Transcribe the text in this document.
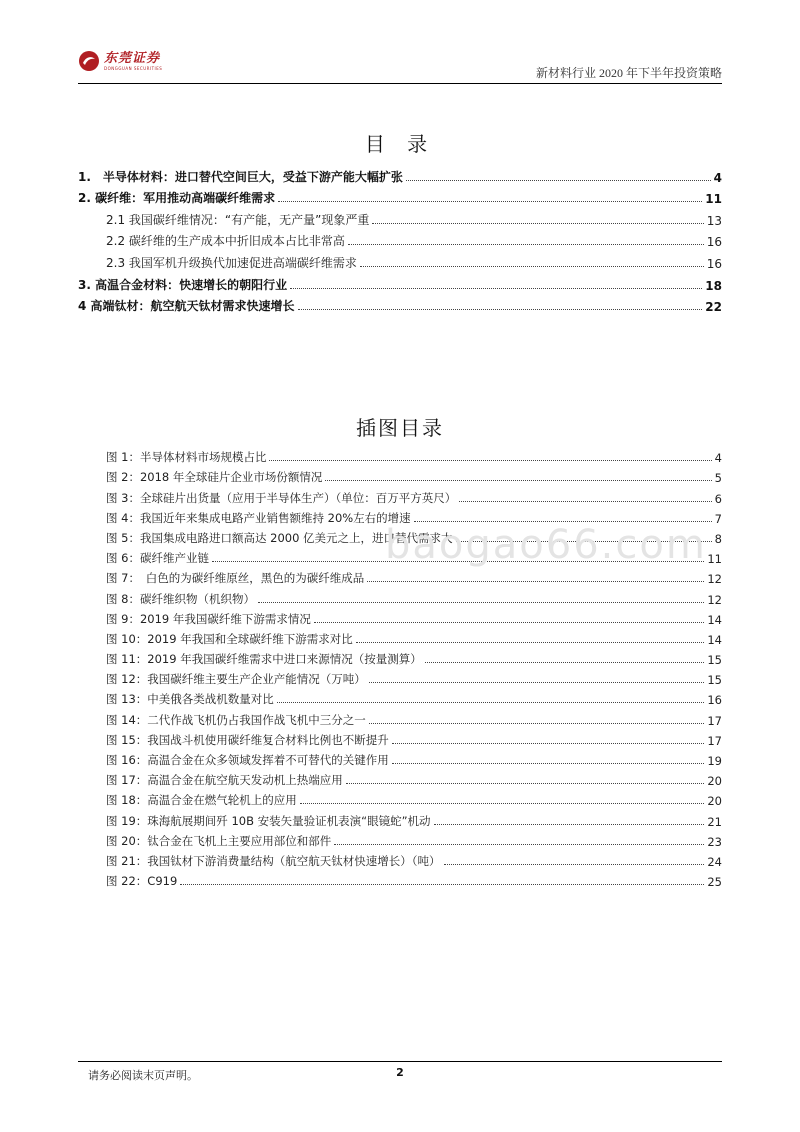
东莞证券
DONGGUAN SECURITIES	新材料行业 2020 年下半年投资策略
目 录
1.　半导体材料：进口替代空间巨大，受益下游产能大幅扩张	4
2. 碳纤维：军用推动高端碳纤维需求	11
2.1 我国碳纤维情况：“有产能，无产量”现象严重	13
2.2 碳纤维的生产成本中折旧成本占比非常高	16
2.3 我国军机升级换代加速促进高端碳纤维需求	16
3. 高温合金材料：快速增长的朝阳行业	18
4 高端钛材：航空航天钛材需求快速增长	22
插图目录
图 1：半导体材料市场规模占比	4
图 2：2018 年全球硅片企业市场份额情况	5
图 3：全球硅片出货量（应用于半导体生产）（单位：百万平方英尺）	6
图 4：我国近年来集成电路产业销售额维持 20%左右的增速	7
图 5：我国集成电路进口额高达 2000 亿美元之上，进口替代需求大	8
图 6：碳纤维产业链	11
图 7：　白色的为碳纤维原丝，黑色的为碳纤维成品	12
图 8：碳纤维织物（机织物）	12
图 9：2019 年我国碳纤维下游需求情况	14
图 10：2019 年我国和全球碳纤维下游需求对比	14
图 11：2019 年我国碳纤维需求中进口来源情况（按量测算）	15
图 12：我国碳纤维主要生产企业产能情况（万吨）	15
图 13：中美俄各类战机数量对比	16
图 14：二代作战飞机仍占我国作战飞机中三分之一	17
图 15：我国战斗机使用碳纤维复合材料比例也不断提升	17
图 16：高温合金在众多领域发挥着不可替代的关键作用	19
图 17：高温合金在航空航天发动机上热端应用	20
图 18：高温合金在燃气轮机上的应用	20
图 19：珠海航展期间歼 10B 安装矢量验证机表演“眼镜蛇”机动	21
图 20：钛合金在飞机上主要应用部位和部件	23
图 21：我国钛材下游消费量结构（航空航天钛材快速增长）（吨）	24
图 22：C919	25
baogao66.com
请务必阅读末页声明。	2
